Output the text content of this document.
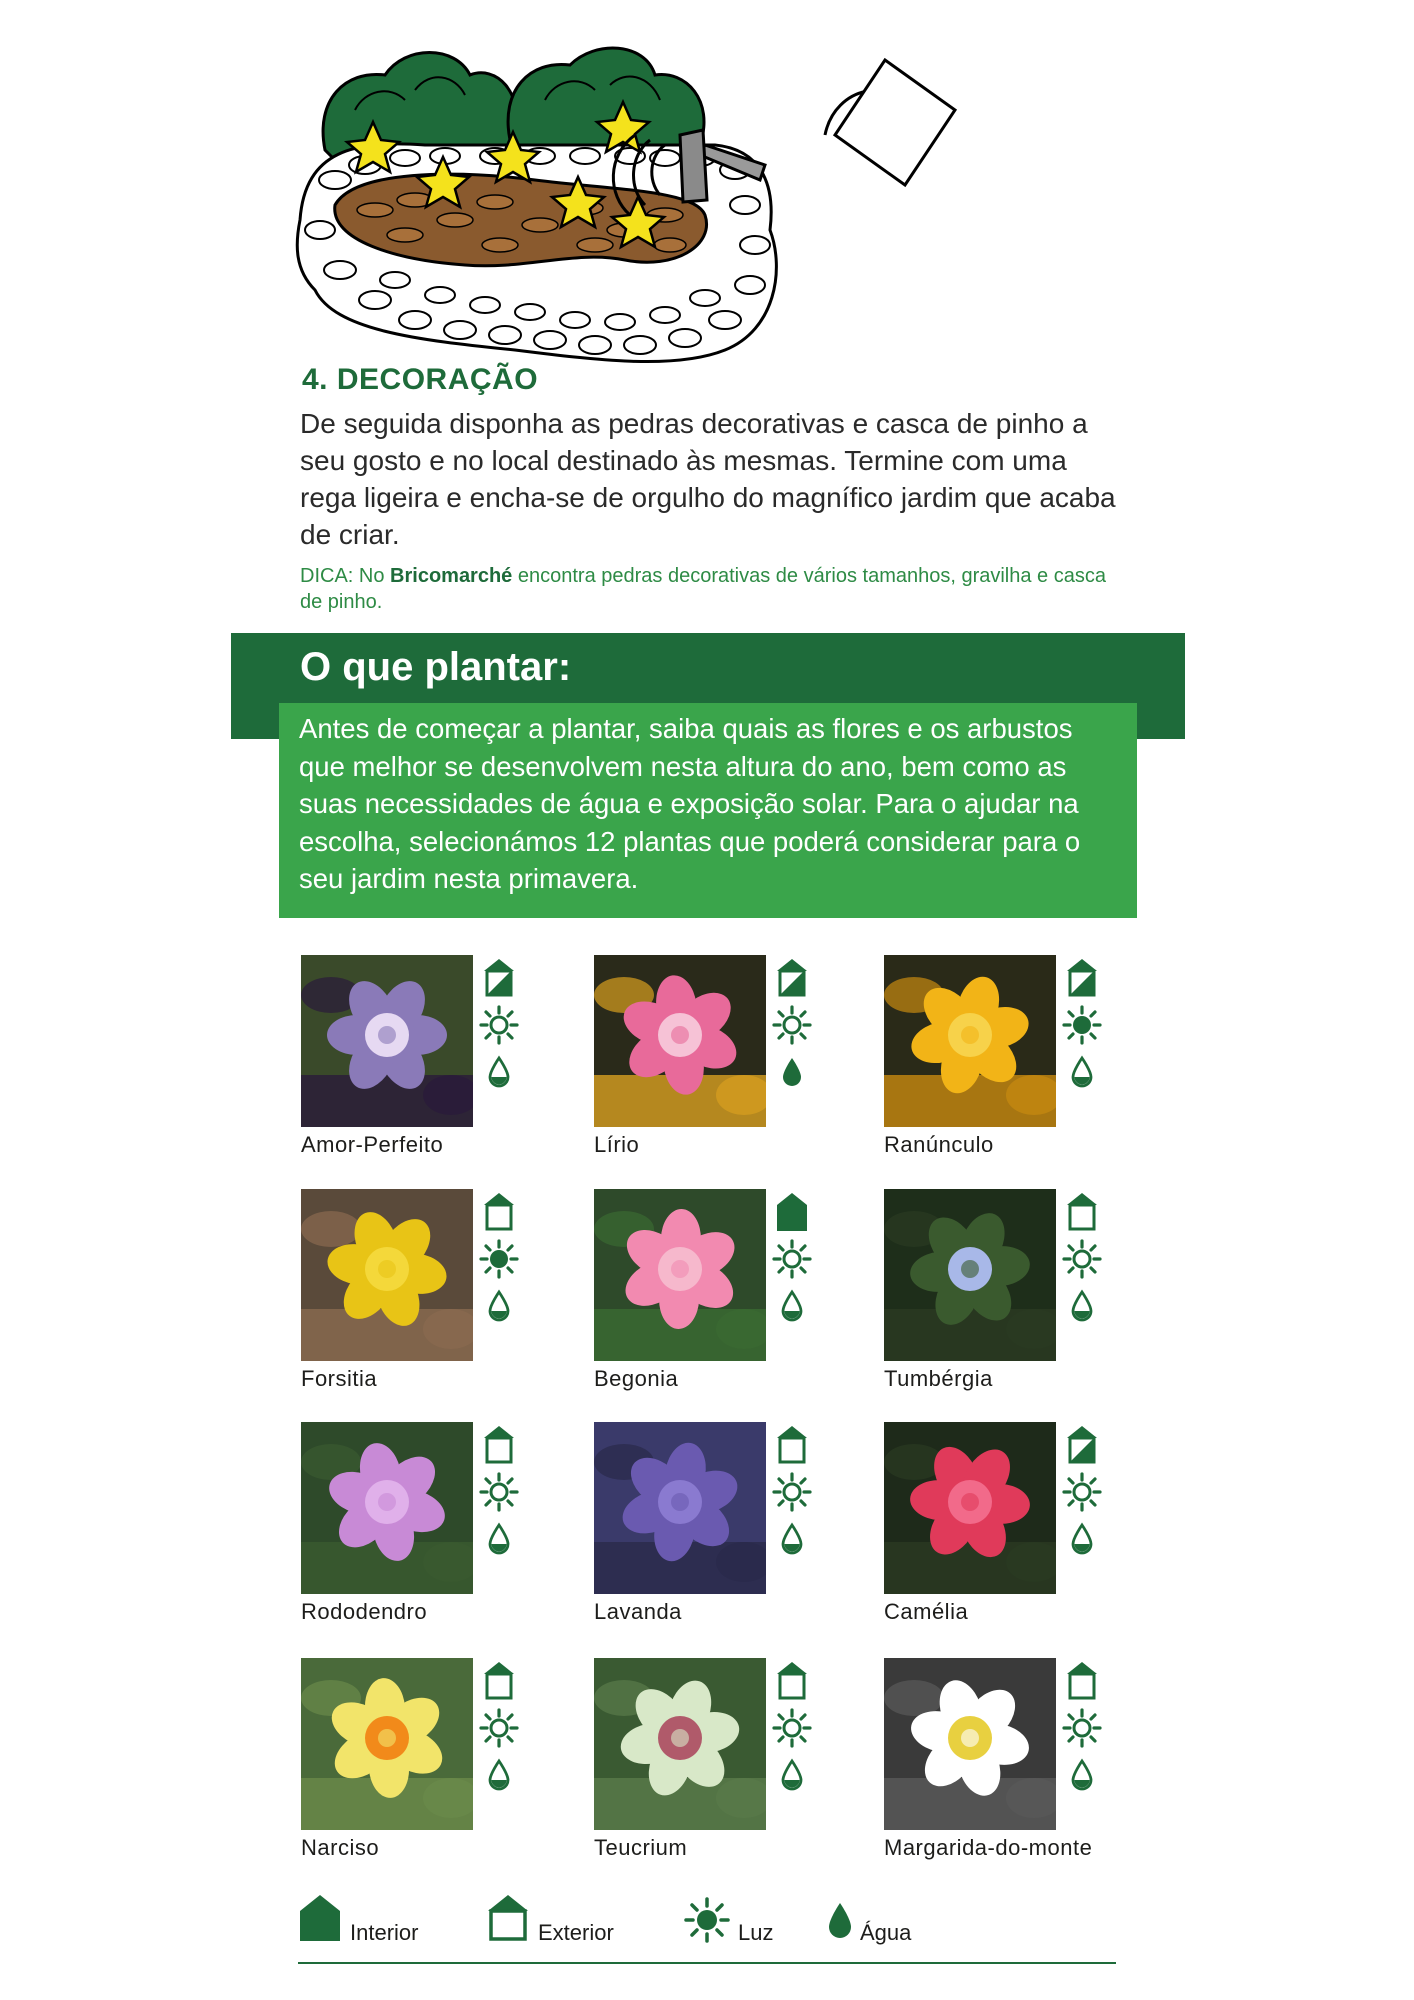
4. DECORAÇÃO
De seguida disponha as pedras decorativas e casca de pinho a seu gosto e no local destinado às mesmas. Termine com uma rega ligeira e encha-se de orgulho do magnífico jardim que acaba de criar.
DICA: No Bricomarché encontra pedras decorativas de vários tamanhos, gravilha e casca de pinho.
O que plantar:
Antes de começar a plantar, saiba quais as flores e os arbustos que melhor se desenvolvem nesta altura do ano, bem como as suas necessidades de água e exposição solar. Para o ajudar na escolha, selecionámos 12 plantas que poderá considerar para o seu jardim nesta primavera.
Amor-Perfeito	Lírio	Ranúnculo
Forsitia	Begonia	Tumbérgia
Rododendro	Lavanda	Camélia
Narciso	Teucrium	Margarida-do-monte
Interior	Exterior	Luz	Água
